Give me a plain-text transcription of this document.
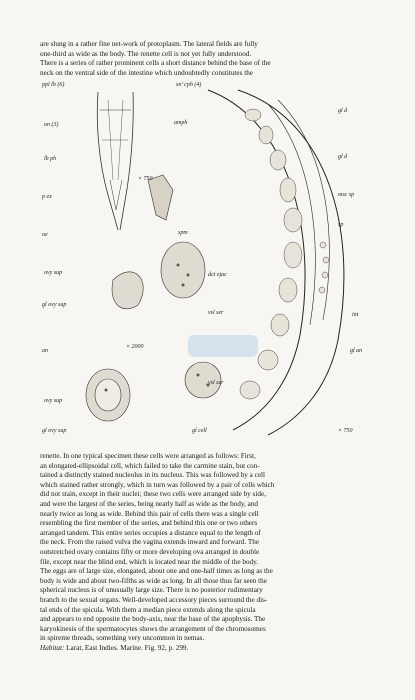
are slung in a rather fine net-work of protoplasm. The lateral fields are fully
one-third as wide as the body. The renette cell is not yet fully understood.
There is a series of rather prominent cells a short distance behind the base of the
neck on the ventral side of the intestine which undoubtedly constitutes the
ppl lb (6)	sn’ cph (4)
gl d
on (3)	amph
gl d
lb ph
msc sp
× 750
p ex
sp
oe	spm
ovy sup	dct ejac
gl ovy sup
int
vsl ser
an
× 2000
gl an
ovy sup
vsl ser
gl ovy sup	gl cell	× 750
renette. In one typical specimen these cells were arranged as follows: First,
an elongated-ellipsoidal cell, which failed to take the carmine stain, but con-
tained a distinctly stained nucleolus in its nucleus. This was followed by a cell
which stained rather strongly, which in turn was followed by a pair of cells which
did not stain, except in their nuclei; these two cells were arranged side by side,
and were the largest of the series, being nearly half as wide as the body, and
nearly twice as long as wide. Behind this pair of cells there was a single cell
resembling the first member of the series, and behind this one or two others
arranged tandem. This entire series occupies a distance equal to the length of
the neck. From the raised vulva the vagina extends inward and forward. The
outstretched ovary contains fifty or more developing ova arranged in double
file, except near the blind end, which is located near the middle of the body.
The eggs are of large size, elongated, about one and one-half times as long as the
body is wide and about two-fifths as wide as long. In all those thus far seen the
spherical nucleus is of unusually large size. There is no posterior rudimentary
branch to the sexual organs. Well-developed accessory pieces surround the dis-
tal ends of the spicula. With them a median piece extends along the spicula
and appears to end opposite the body-axis, near the base of the apophysis. The
karyokinesis of the spermatocytes shows the arrangement of the chromosomes
in spireme threads, something very uncommon in nemas.
Habitat: Larat, East Indies. Marine. Fig. 92, p. 299.
